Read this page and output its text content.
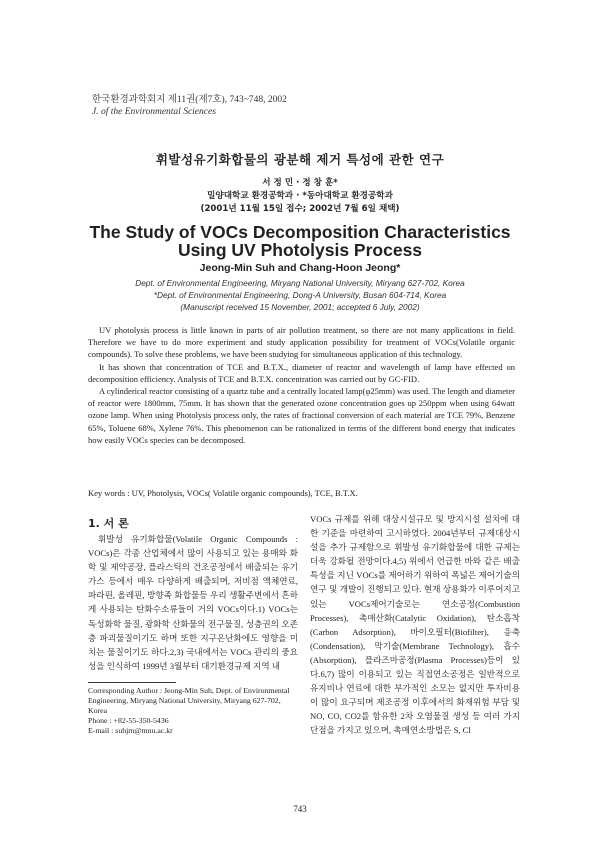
한국환경과학회지 제11권(제7호), 743~748, 2002
J. of the Environmental Sciences
휘발성유기화합물의 광분해 제거 특성에 관한 연구
서 정 민 · 정 창 훈*
밀양대학교 환경공학과 · *동아대학교 환경공학과
(2001년 11월 15일 접수; 2002년 7월 6일 채택)
The Study of VOCs Decomposition Characteristics
Using UV Photolysis Process
Jeong-Min Suh and Chang-Hoon Jeong*
Dept. of Environmental Engineering, Miryang National University, Miryang 627-702, Korea
*Dept. of Environmental Engineering, Dong-A University, Busan 604-714, Korea
(Manuscript received 15 November, 2001; accepted 6 July, 2002)

UV photolysis process is little known in parts of air pollution treatment, so there are not many applications in field. Therefore we have to do more experiment and study application possibility for treatment of VOCs(Volatile organic compounds). To solve these problems, we have been studying for simultaneous application of this technology.

It has shown that concentration of TCE and B.T.X., diameter of reactor and wavelength of lamp have effected on decomposition efficiency. Analysis of TCE and B.T.X. concentration was carried out by GC-FID.

A cylinderical reactor consisting of a quartz tube and a centrally located lamp(φ25mm) was used. The length and diameter of reactor were 1800mm, 75mm. It has shown that the generated ozone concentration goes up 250ppm when using 64watt ozone lamp. When using Photolysis process only, the rates of fractional conversion of each material are TCE 79%, Benzene 65%, Toluene 68%, Xylene 76%. This phenomenon can be rationalized in terms of the different bond energy that indicates how easily VOCs species can be decomposed.

Key words : UV, Photolysis, VOCs( Volatile organic compounds), TCE, B.T.X.
1. 서 론

휘발성 유기화합물(Volatile Organic Compounds : VOCs)은 각종 산업체에서 많이 사용되고 있는 용매와 화학 및 제약공장, 플라스틱의 건조공정에서 배출되는 유기가스 등에서 매우 다양하게 배출되며, 저비점 액체연료, 파라핀, 올레핀, 방향족 화합물등 우리 생활주변에서 흔하게 사용되는 탄화수소류들이 거의 VOCs이다.1) VOCs는 독성화학 물질, 광화학 산화물의 전구물질, 성층권의 오존층 파괴물질이기도 하며 또한 지구온난화에도 영향을 미치는 물질이기도 하다.2,3) 국내에서는 VOCs 관리의 중요성을 인식하여 1999년 3월부터 대기환경규제 지역 내

VOCs 규제를 위해 대상시설규모 및 방지시설 설치에 대한 기준을 마련하여 고시하였다. 2004년부터 규제대상시설을 추가 규제함으로 휘발성 유기화합물에 대한 규제는 더욱 강화될 전망이다.4,5) 위에서 언급한 바와 같은 배출특성을 지닌 VOCs를 제어하기 위하여 폭넓은 제어기술의 연구 및 개발이 진행되고 있다. 현재 상용화가 이루어지고 있는 VOCs제어기술로는 연소공정(Combustion Processes), 촉매산화(Catalytic Oxidation), 탄소흡착(Carbon Adsorption), 바이오필터(Biofilter), 응축(Condensation), 막기술(Membrane Technology), 흡수(Absorption), 플라즈마공정(Plasma Processes)등이 있다.6,7) 많이 이용되고 있는 직접연소공정은 일반적으로 유지비나 연료에 대한 부가적인 소모는 없지만 투자비용이 많이 요구되며 제조공정 이후에서의 화재위험 부담 및 NO, CO, CO2를 함유한 2차 오염물질 생성 등 여러 가지 단점을 가지고 있으며, 촉매연소방법은 S, Cl

Corresponding Author : Jeong-Min Suh, Dept. of Environmental Engineering, Miryang National University, Miryang 627-702, Korea

Phone : +82-55-350-5436

E-mail : suhjm@mnu.ac.kr

743
